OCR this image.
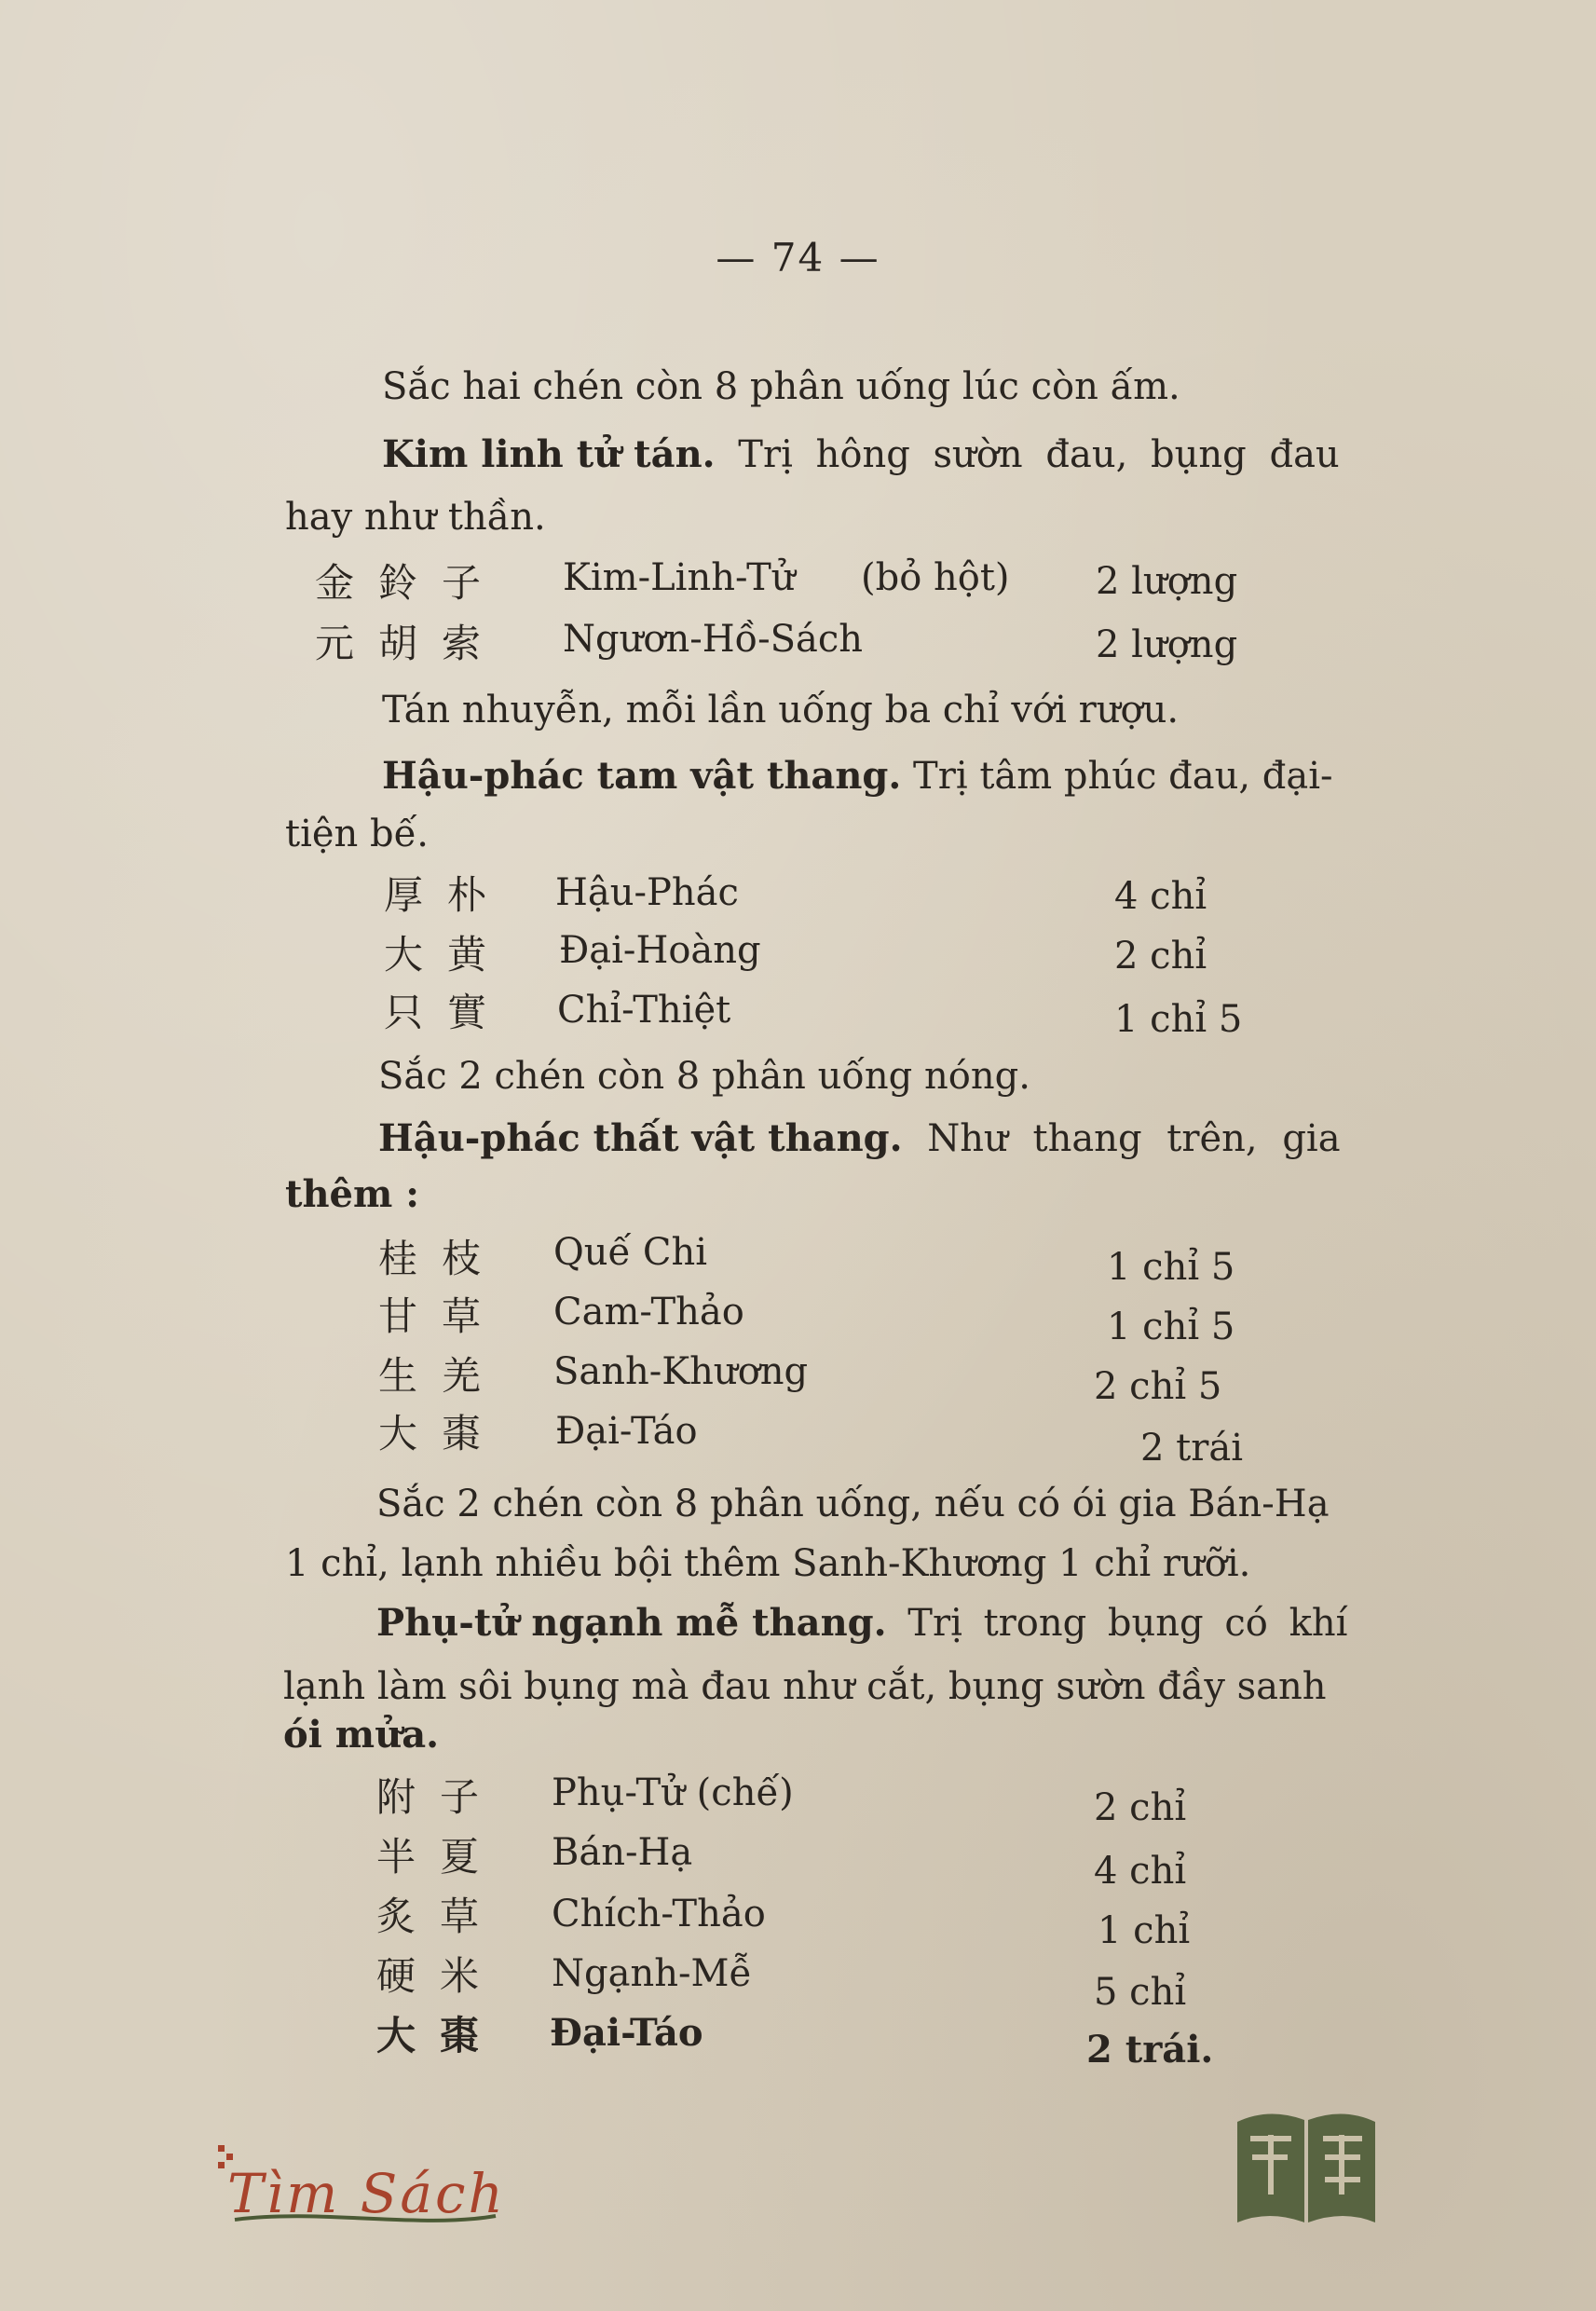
— 74 —
Sắc hai chén còn 8 phân uống lúc còn ấm.
Kim linh tử tán. Trị hông sườn đau, bụng đau
hay như thần.
金鈴子 Kim-Linh-Tử (bỏ hột) 2 lượng
元胡索 Ngươn-Hồ-Sách	2 lượng
Tán nhuyễn, mỗi lần uống ba chỉ với rượu.
Hậu-phác tam vật thang. Trị tâm phúc đau, đại-
tiện bế.
厚朴 Hậu-Phác	4 chỉ
大黄 Đại-Hoàng	2 chỉ
只實 Chỉ-Thiệt	1 chỉ 5
Sắc 2 chén còn 8 phân uống nóng.
Hậu-phác thất vật thang. Như thang trên, gia
thêm :
桂枝 Quế Chi	1 chỉ 5
甘草 Cam-Thảo	1 chỉ 5
生羌 Sanh-Khương	2 chỉ 5
大棗 Đại-Táo	2 trái
Sắc 2 chén còn 8 phân uống, nếu có ói gia Bán-Hạ
1 chỉ, lạnh nhiều bội thêm Sanh-Khương 1 chỉ rưỡi.
Phụ-tử ngạnh mễ thang. Trị trong bụng có khí
lạnh làm sôi bụng mà đau như cắt, bụng sườn đầy sanh
ói mửa.
附子 Phụ-Tử (chế)	2 chỉ
半夏 Bán-Hạ	4 chỉ
炙草 Chích-Thảo	1 chỉ
硬米 Ngạnh-Mễ	5 chỉ
大棗 Đại-Táo	2 trái.
Tìm Sách
